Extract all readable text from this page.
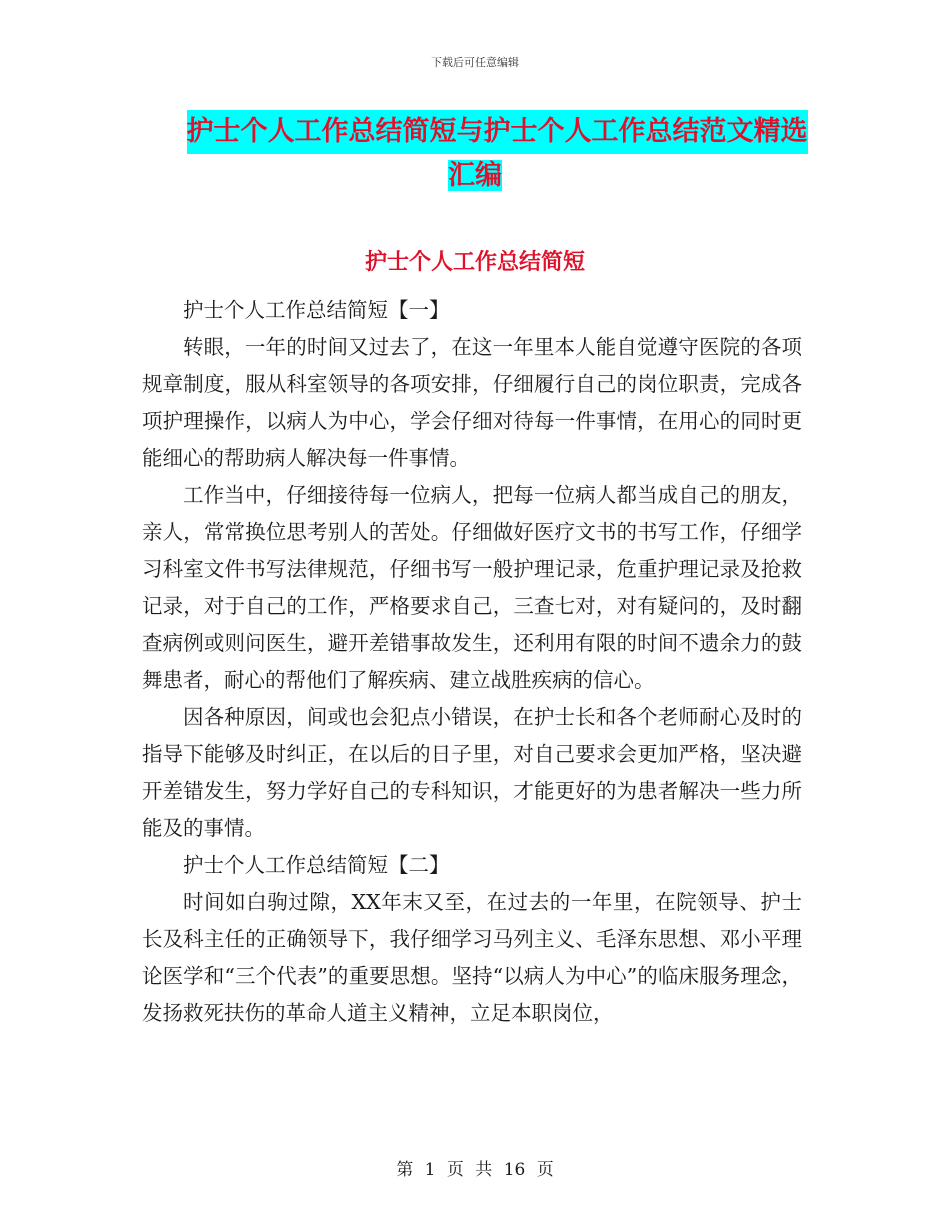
下载后可任意编辑
护士个人工作总结简短与护士个人工作总结范文精选
汇编
护士个人工作总结简短

护士个人工作总结简短【一】

转眼，一年的时间又过去了，在这一年里本人能自觉遵守医院的各项规章制度，服从科室领导的各项安排，仔细履行自己的岗位职责，完成各项护理操作，以病人为中心，学会仔细对待每一件事情，在用心的同时更能细心的帮助病人解决每一件事情。

工作当中，仔细接待每一位病人，把每一位病人都当成自己的朋友，亲人，常常换位思考别人的苦处。仔细做好医疗文书的书写工作，仔细学习科室文件书写法律规范，仔细书写一般护理记录，危重护理记录及抢救记录，对于自己的工作，严格要求自己，三查七对，对有疑问的，及时翻查病例或则问医生，避开差错事故发生，还利用有限的时间不遗余力的鼓舞患者，耐心的帮他们了解疾病、建立战胜疾病的信心。

因各种原因，间或也会犯点小错误，在护士长和各个老师耐心及时的指导下能够及时纠正，在以后的日子里，对自己要求会更加严格，坚决避开差错发生，努力学好自己的专科知识，才能更好的为患者解决一些力所能及的事情。

护士个人工作总结简短【二】

时间如白驹过隙，XX年末又至，在过去的一年里，在院领导、护士长及科主任的正确领导下，我仔细学习马列主义、毛泽东思想、邓小平理论医学和“三个代表”的重要思想。坚持“以病人为中心”的临床服务理念，发扬救死扶伤的革命人道主义精神，立足本职岗位，

第 1 页 共 16 页
